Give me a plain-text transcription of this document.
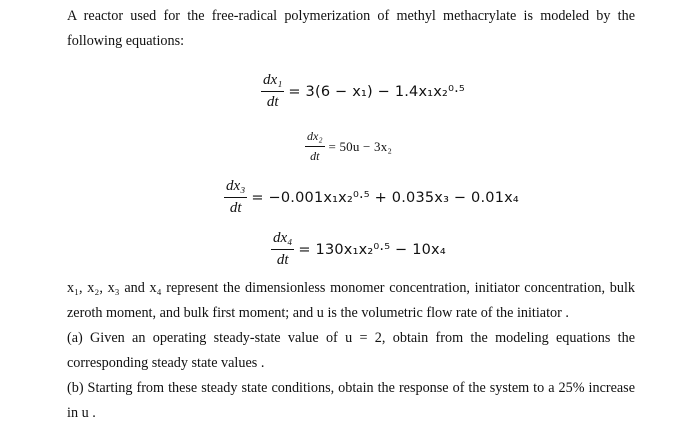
A reactor used for the free-radical polymerization of methyl methacrylate is modeled by the
following equations:
$\frac{\text{dx₁}}{dt} = 3(6 - x_1) - 1.4x_1x_2^0\cdot^5$
$\frac{\text{dx₂}}{dt} = 50u - 3x_2$
$\frac{\text{dx₃}}{dt} = -0.001x_1x_2^0\cdot^5 + 0.035x_3 - 0.01x_4$
$\frac{\text{dx₄}}{dt} = 130x_1x_2^0\cdot^5 - 10x_4$
x₁, x₂, x₃ and x₄ represent the dimensionless monomer concentration, initiator concentration, bulk
zeroth moment, and bulk first moment; and u is the volumetric flow rate of the initiator .
(a) Given an operating steady-state value of u = 2, obtain from the modeling equations the
corresponding steady state values .
(b) Starting from these steady state conditions, obtain the response of the system to a 25% increase
in u .
